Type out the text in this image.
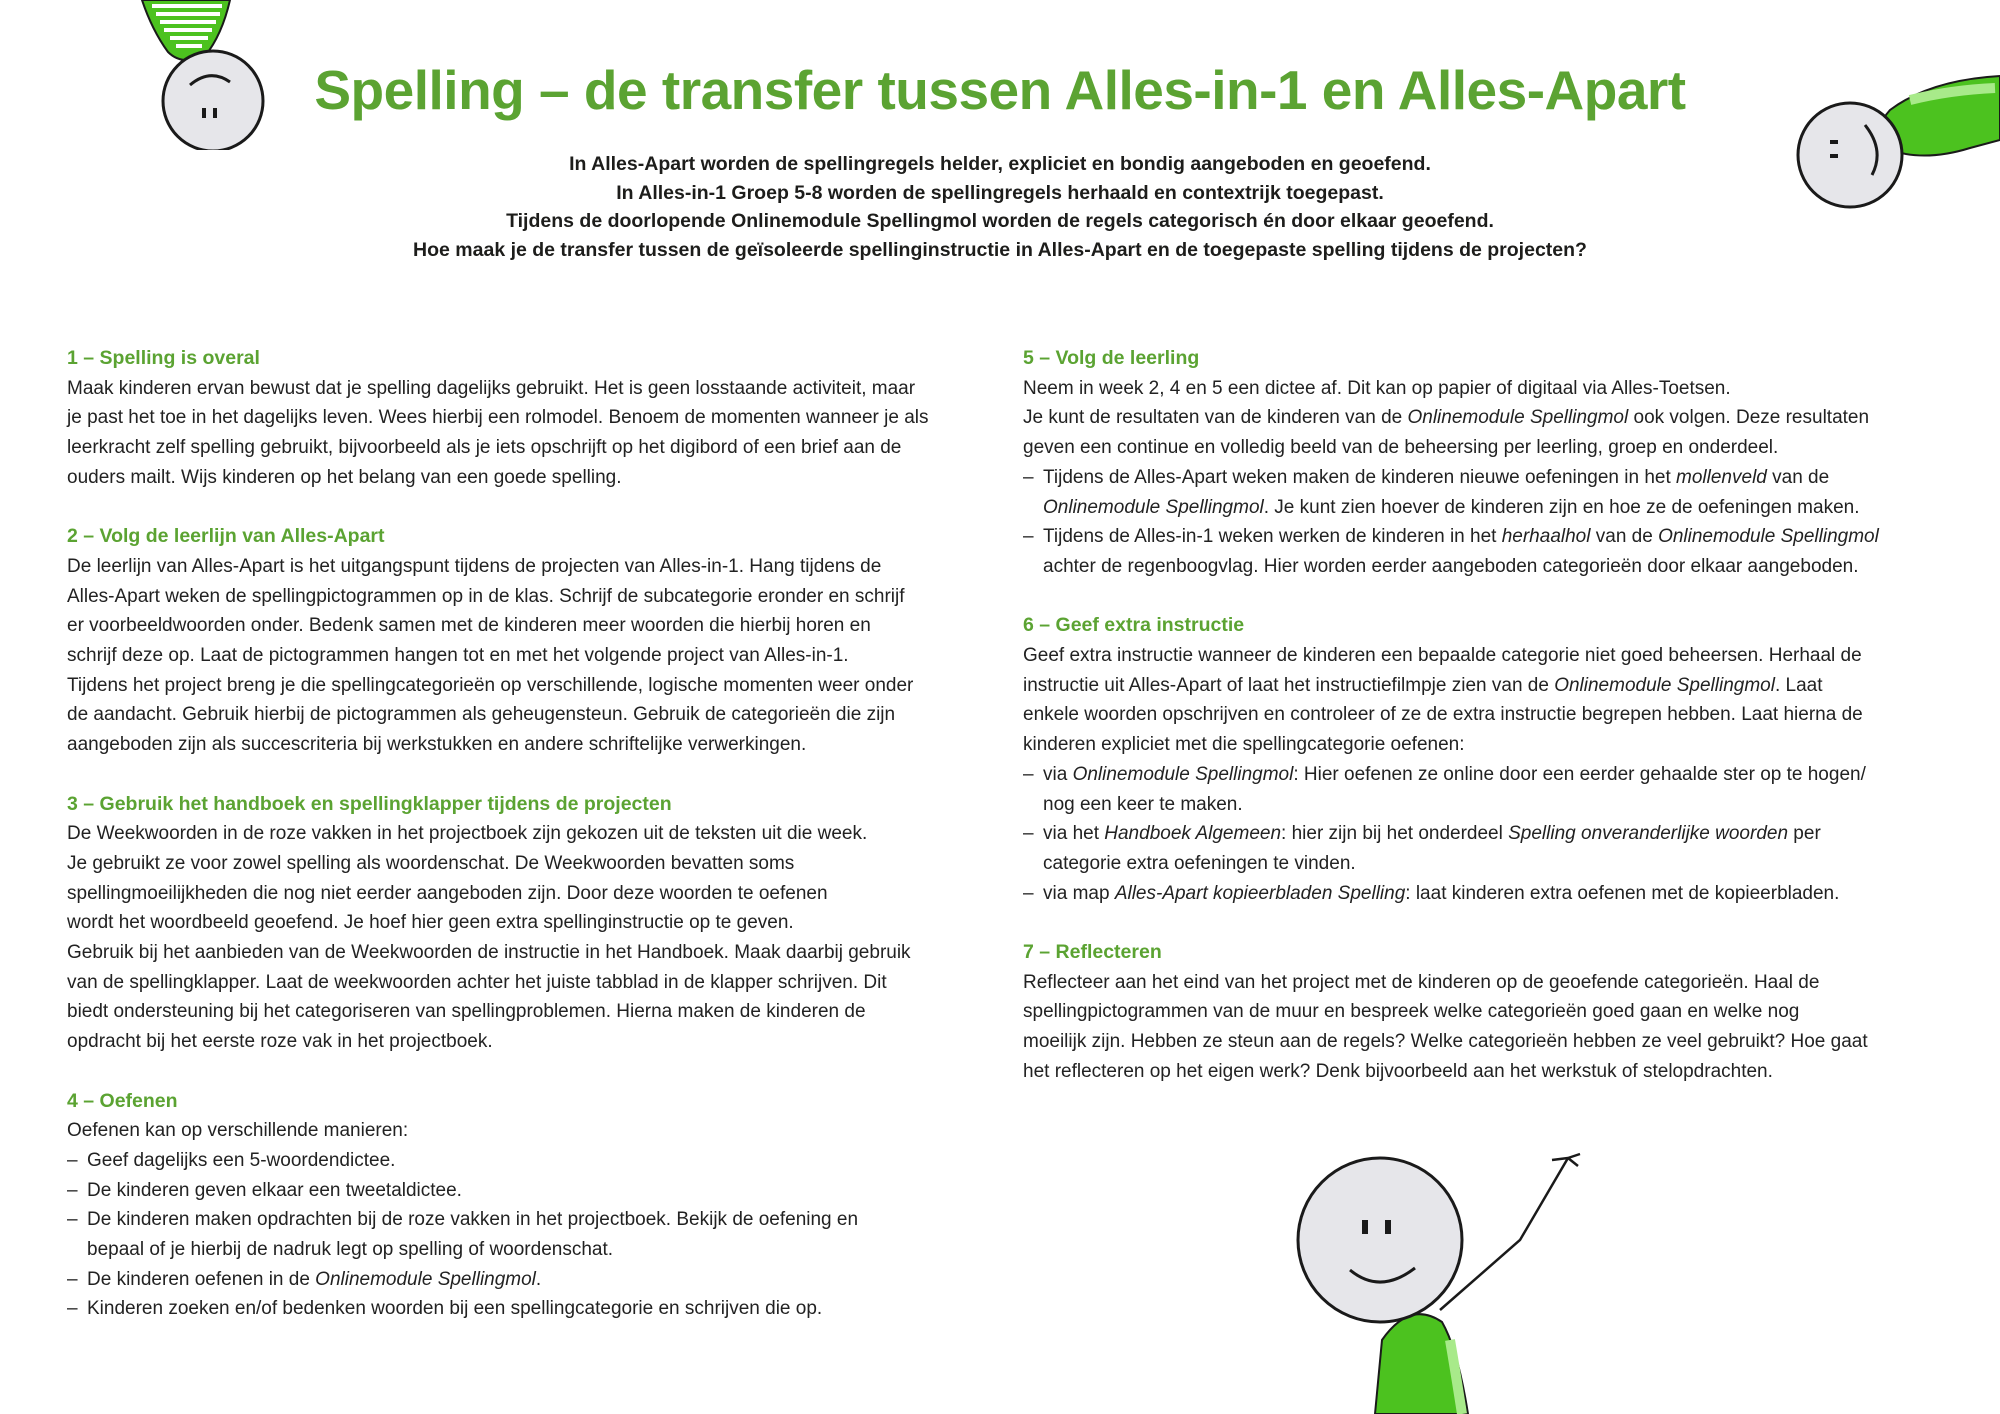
Spelling – de transfer tussen Alles-in-1 en Alles-Apart

In Alles-Apart worden de spellingregels helder, expliciet en bondig aangeboden en geoefend.

In Alles-in-1 Groep 5-8 worden de spellingregels herhaald en contextrijk toegepast.

Tijdens de doorlopende Onlinemodule Spellingmol worden de regels categorisch én door elkaar geoefend.

Hoe maak je de transfer tussen de geïsoleerde spellinginstructie in Alles-Apart en de toegepaste spelling tijdens de projecten?

1 – Spelling is overal

Maak kinderen ervan bewust dat je spelling dagelijks gebruikt. Het is geen losstaande activiteit, maar

je past het toe in het dagelijks leven. Wees hierbij een rolmodel. Benoem de momenten wanneer je als

leerkracht zelf spelling gebruikt, bijvoorbeeld als je iets opschrijft op het digibord of een brief aan de

ouders mailt. Wijs kinderen op het belang van een goede spelling.

2 – Volg de leerlijn van Alles-Apart

De leerlijn van Alles-Apart is het uitgangspunt tijdens de projecten van Alles-in-1. Hang tijdens de

Alles-Apart weken de spellingpictogrammen op in de klas. Schrijf de subcategorie eronder en schrijf

er voorbeeldwoorden onder. Bedenk samen met de kinderen meer woorden die hierbij horen en

schrijf deze op. Laat de pictogrammen hangen tot en met het volgende project van Alles-in-1.

Tijdens het project breng je die spellingcategorieën op verschillende, logische momenten weer onder

de aandacht. Gebruik hierbij de pictogrammen als geheugensteun. Gebruik de categorieën die zijn

aangeboden zijn als succescriteria bij werkstukken en andere schriftelijke verwerkingen.

3 – Gebruik het handboek en spellingklapper tijdens de projecten

De Weekwoorden in de roze vakken in het projectboek zijn gekozen uit de teksten uit die week.

Je gebruikt ze voor zowel spelling als woordenschat. De Weekwoorden bevatten soms

spellingmoeilijkheden die nog niet eerder aangeboden zijn. Door deze woorden te oefenen

wordt het woordbeeld geoefend. Je hoef hier geen extra spellinginstructie op te geven.

Gebruik bij het aanbieden van de Weekwoorden de instructie in het Handboek. Maak daarbij gebruik

van de spellingklapper. Laat de weekwoorden achter het juiste tabblad in de klapper schrijven. Dit

biedt ondersteuning bij het categoriseren van spellingproblemen. Hierna maken de kinderen de

opdracht bij het eerste roze vak in het projectboek.

4 – Oefenen

Oefenen kan op verschillende manieren:

– Geef dagelijks een 5-woordendictee.
– De kinderen geven elkaar een tweetaldictee.
– De kinderen maken opdrachten bij de roze vakken in het projectboek. Bekijk de oefening en
bepaal of je hierbij de nadruk legt op spelling of woordenschat.
– De kinderen oefenen in de Onlinemodule Spellingmol.
– Kinderen zoeken en/of bedenken woorden bij een spellingcategorie en schrijven die op.
5 – Volg de leerling

Neem in week 2, 4 en 5 een dictee af. Dit kan op papier of digitaal via Alles-Toetsen.

Je kunt de resultaten van de kinderen van de Onlinemodule Spellingmol ook volgen. Deze resultaten

geven een continue en volledig beeld van de beheersing per leerling, groep en onderdeel.

– Tijdens de Alles-Apart weken maken de kinderen nieuwe oefeningen in het mollenveld van de
Onlinemodule Spellingmol. Je kunt zien hoever de kinderen zijn en hoe ze de oefeningen maken.
– Tijdens de Alles-in-1 weken werken de kinderen in het herhaalhol van de Onlinemodule Spellingmol
achter de regenboogvlag. Hier worden eerder aangeboden categorieën door elkaar aangeboden.
6 – Geef extra instructie

Geef extra instructie wanneer de kinderen een bepaalde categorie niet goed beheersen. Herhaal de

instructie uit Alles-Apart of laat het instructiefilmpje zien van de Onlinemodule Spellingmol. Laat

enkele woorden opschrijven en controleer of ze de extra instructie begrepen hebben. Laat hierna de

kinderen expliciet met die spellingcategorie oefenen:

– via Onlinemodule Spellingmol: Hier oefenen ze online door een eerder gehaalde ster op te hogen/
nog een keer te maken.
– via het Handboek Algemeen: hier zijn bij het onderdeel Spelling onveranderlijke woorden per
categorie extra oefeningen te vinden.
– via map Alles-Apart kopieerbladen Spelling: laat kinderen extra oefenen met de kopieerbladen.
7 – Reflecteren

Reflecteer aan het eind van het project met de kinderen op de geoefende categorieën. Haal de

spellingpictogrammen van de muur en bespreek welke categorieën goed gaan en welke nog

moeilijk zijn. Hebben ze steun aan de regels? Welke categorieën hebben ze veel gebruikt? Hoe gaat

het reflecteren op het eigen werk? Denk bijvoorbeeld aan het werkstuk of stelopdrachten.
